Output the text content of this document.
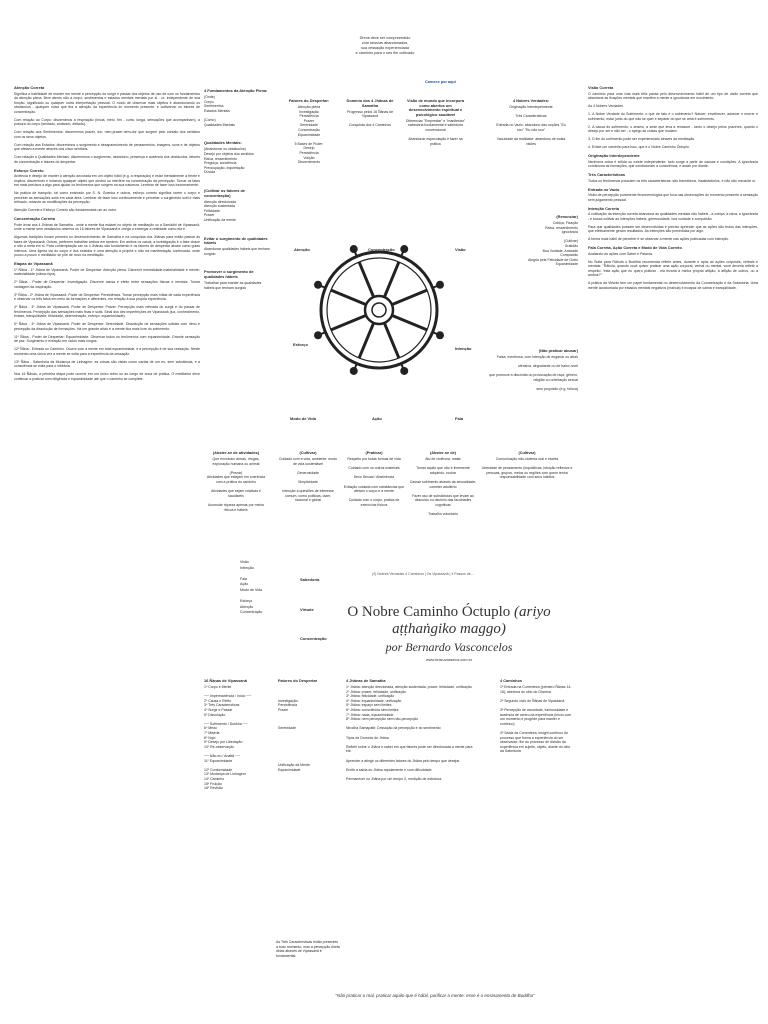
Dhms deve ser compreendido
com seus/as abandonados,
sua cessação experienciada
e caminho para o seu fim cultivado
Comece por aqui
Atenção Correta
Significa a habilidade de manter em mente a percepção do surgir e passar dos objetos de uso de com os fundamentos da atenção plena. Bem atento não a corpo, sentimentos e estados mentais mentais por si - i.e. independente de sua função, significado ou qualquer outra interpretação pessoal. O modo de observar mais objetos é abandonando os obstáculos - qualquer coisa que tira a atenção da experiência do momento presente, e cultivando os fatores de concentração.
Com relação ao Corpo: discernimos a respiração (inícia, meio, fim - curta, longa, sensações que acompanham), a postura do corpo (sentado, andando, deitado).
Com relação aos Sentimentos: discernimos prazer, dor, nem-prazer-nem-dor que surgem pelo contato dos sentidos com os seus objetos.
Com relação aos Estados: discernimos o surgimento e desaparecimento de pensamentos, imagens, sons e de objetos que afetam a mente através dos cinco sentidos.
Com relação a Qualidades Mentais: discernimos o surgimento, abandono, presença e ausência dos obstáculos, fatores de concentração e fatores do despertar.
Esforço Correto
Ardência e desejo de manter a atenção ancorada em um objeto hábil (e.g. a respiração) e estar mentalmente a frente e implica, discernindo e notando qualquer objeto que obstrui ou interfere na concentração da percepção. Tornar os fatos em mais precisos a algo para ajudar os fenômenos que surgem na sua natureza. Lembrar de fazer isso inumeramente.
Na prática de tranquilo, tal como ensinado por S. N. Goenka e outros, esforço correto significa varrer o corpo e perceber as sensações sutis em cada área. Lembrar de fazer isso continuamente e perceber o surgimento sutil e mais refinado, notando as modificações da percepção.
Atenção Correta e Esforço Correto são fundamentais um ao outro.
Concentração Correta
Pode levar aos 4 Jhānas de Samatha - onde a mente fica estável no objeto de meditação ou a Samādhi de Vipassanā, onde a mente sem obstáculos observa os 16 fatores de Vipassanā e chega a enxergar a realidade como ela é.
Algumas tradições focam primeiro no desenvolvimento de Samatha e na conquista dos Jhānas para então passar às fases de Vipassanā. Outras, preferem trabalhar ambos em tandem. Em ambos os casos, a investigação é o fator chave e não a meta em si. Para contemplação ser os 4 Jhānas são fundamento e os fatores de despertar atuam como guias internos. Uma ligeira via do corpo e dos estados é uma atenção à própria e não na manifestação continuada, onde pouco a pouco o meditador se põe de novo na meditação.
Etapas de Vipassanā
1º Ñāṇa - 1º Jhāna de Vipassanā. Poder de Despertar: Atenção plena. Discernir mentalidade-materialidade e mente-materialidade (nāma-rūpa).
2º Ñāṇa - Poder de Despertar: Investigação. Discernir causa e efeito entre sensações físicas e mentais. Tomar vantagem da inspiração.
3º Ñāṇa - 2º Jhāna de Vipassanā. Poder de Despertar: Persistência. Tomar percepção mais nítida de cada experiência e observar os três fatos em meio às formações e diferentes, em relação à sua própria experiência.
4º Ñāṇa - 3º Jhāna de Vipassanā. Poder de Despertar: Prazer. Percepção mais refinada do surgir e do passar de fenômenos. Percepção das sensações mais finas e sutis. Sinal dos dez imperfeições de Vipassanā (luz, conhecimento, êxtase, tranquilidade, felicidade, determinação, esforço, equanimidade).
5º Ñāṇa - 4º Jhāna de Vipassanā. Poder de Despertar: Serenidade. Dissolução de sensações sólidas com ritmo e percepção da dissolução de formações. Há um grande alívio e a mente fica mais livre do sofrimento.
11º Ñāṇa - Poder de Despertar: Equanimidade. Observar todos os fenômenos com equanimidade. Grande sensação de paz. Surgimento e extinção em ciclos mais longos.
12º Ñāṇa - Entrada no Caminho. Ocorre com a mente em total equanimidade, e a percepção é de sua cessação. Neste momento uma única vez a mente se volta para a experiência da cessação.
13º Ñāṇa - Sabedoria da Mudança de Linhagem: as coisas são vistas como vazias de um eu, sem substância, e a consciência se volta para o nibbāna.
Nos 16 Ñāṇas, a primeira etapa pode ocorrer em um único retiro ou ao longo de anos de prática. O meditador deve continuar a praticar com diligência e equanimidade até que o caminho se complete.
4 Fundamentos da Atenção Plena:
(Onde)
Corpo
Sentimentos
Estados Mentais

(Como)
Qualidades Mentais
Qualidades Mentais:
(Abandonar os obstáculos)
Desejo por objetos dos sentidos
Raiva, ressentimento
Preguiça, sonolência
Preocupação, inquietação
Dúvida
(Cultivar os fatores de concentração)
Atenção direcionada
Atenção sustentada
Felicidade
Prazer
Unificação da mente
Evitar o surgimento de qualidades hábeis
Abandonar qualidades hábeis que tenham surgido
Promover o surgimento de qualidades hábeis
Trabalhar para manter as qualidades hábeis que tenham surgido
Fatores do Despertar:
Atenção plena
Investigação
Persistência
Prazer
Serenidade
Concentração
Equanimidade

5 Bases de Poder:
Desejo
Persistência
Volição
Discernimento
Domínio dos 4 Jhānas de Samatha
Progresso pelos 16 Ñāṇas de Vipassanā

Conquista dos 4 Caminhos
Visão de mundo que incorpora como abertos um desenvolvimento espiritual e psicológico saudável
Diferenciar "Emprestar" e "manifestar" sabedoria fundamental e sabedoria convencional

Abandonar especulação e fazer na prática
4 Nobres Verdades:
Originação Interdependente

Três Características

Entrada no Vazio: abandono das noções "Eu sou" "Eu não sou"

Vacuidade da realidade: abandono de todas visões
Atenção	Concentração	Visão
Esforço
Intenção
Modo de Vida	Ação	Fala
(Renunciar)
Cobiça, Fixação
Raiva, ressentimento
Ignorância

(Cultivar)
Gratidão
Boa Vontade, Amizade
Compaixão
Alegria pela Felicidade de Outro
Equanimidade
(Não praticar abusar)
Falsa, mentirosa, com intenção de enganar ou atrair

ofensiva, degradante ou de baixo nível

que promove a discórdia ou provocação de raça, gênero, religião ou orientação sexual

sem propósito (e.g. fofoca)
(Abster-se de atividades)
Que envolvam armas, drogas, exploração humana ou animal

(Prezar)
Atividades que estejam em coerência com a prática do caminho

Atividades que sejam criativas e saudáveis

Acumular riqueza apenas por meios éticos e hábeis
(Cultivar)
Cuidado com a vida, ambiente, modo de vida sustentável

Generosidade

Simplicidade

Intenção à questões de interesse comum, como políticas, lazer, nacional e global
(Praticar)
Respeito por todas formas de vida

Cuidado com os outros materiais

Sexo Sexual / Abstinência

Evitação cuidada com substâncias que afetam o corpo e a mente

Cuidado com o corpo, prática de exercícios físicos
(Abster-se de)
Ato de violência, matar

Tomar aquilo que não é livremente adquirido, roubar

Causar sofrimento através da sexualidade, cometer adultério

Fazer uso de substâncias que levam ao descuido ou declínio das faculdades cognitivas

Trabalho voluntário
(Cultivar)
Comunicação não-violenta oral e escrita

Liberdade de pensamento (inquisitivas, intuição reflexiva e pessoas, grupos, meios ou regiões com quem tenha responsabilidade com seus hábitos
(4) Nobres Verdades 4 Caminhos | Os Vipassanā | 4 Passos de...
Visão
Intenção

Fala
Ação
Modo de Vida

Esforço
Atenção
Concentração
Sabedoria
Virtude
Concentração
O Nobre Caminho Óctuplo (ariyo aṭṭhaṅgiko maggo)
por Bernardo Vasconcelos
www.brasuvasselos.com.br
16 Ñāṇas de Vipassanā
1º Corpo e Mente

── Impermanência / Início ──
2º Causa e Efeito
3º Três Características
4º Surgir e Passar
5º Dissolução

── Sofrimento / Dukkha ──
6º Medo
7º Miséria
8º Nojo
9º Desejo por Libertação
10º Re-observação

── Não-eu / Anattā ──
11º Equanimidade

12º Conformidade
13º Mudança de Linhagem
14º Caminho
15º Fruição
16º Revisão
Fatores do Despertar

Investigação
Persistência
Prazer

Serenidade

Unificação da Mente
Equanimidade
4 Jhānas de Samatha
1º Jhāna: atenção direcionada, atenção sustentada, prazer, felicidade, unificação
2º Jhāna: prazer, felicidade, unificação
3º Jhāna: felicidade, unificação
4º Jhāna: equanimidade, unificação
5º Jhāna: espaço sem limites
6º Jhāna: consciência sem limites
7º Jhāna: nada, equanimidade
8º Jhāna: nem percepção nem não-percepção

Nirodha Samapatti: Cessação da percepção e do sentimento

Tipos de Domínio de Jhāna

Refletir sobre o Jhāna e saber em que fatores pode ser direcionada a mente para ele.

Aprender a atingir os diferentes fatores do Jhāna pelo tempo que desejar.

Emitir a saída do Jhāna rapidamente e com dificuldade.

Permanecer no Jhāna por um tempo X, medição de estrutura.
4 Caminhos
1ª Entrada na Correnteza (primeiro Ñāṇas 14-16), abertura do olho do Dharma

2ª Segundo ciclo de Ñāṇas de Vipassanā

3ª Percepção de vacuidade, luminosidade e ausência de centro da experiência (início com um momento e progride para manter e contínuo)

4ª Saída da Correnteza, insight contínuo do processo que forma a experiência do ser observador; fim do processo de divisão da experiência em sujeito, objeto, diante do olho da Sabedoria
As Três Características estão presentes a todo momento, mas a percepção direta delas através de Vipassanā é fundamental.
Visão Correta
O caminho para uma vida mais feliz passa pelo desenvolvimento hábil de um tipo de visão correta que abandone as fixações mentais que mantêm a mente a ignorância em movimento.
As 4 Nobres Verdades
1. A Nobre Verdade do Sofrimento: o que de fato é o sofrimento? Nascer, envelhecer, adoecer e morrer é sofrimento; estar junto do que não se quer e separar do que se ama é sofrimento.
2. A causa do sofrimento: o anseio, a sede que leva a renascer - tanto o desejo pelos prazeres, quanto o desejo por ser e não ser - o apego às coisas que mudam.
3. O fim do sofrimento pode ser experienciado através da meditação.
4. Existe um caminho para isso, que é o Nobre Caminho Óctuplo.
Originação Interdependente
Nenhuma coisa é sólida ou existe independente; tudo surge a partir de causas e condições. A ignorância condiciona as formações, que condicionam a consciência, e assim por diante.
Três Características
Todos os fenômenos possuem os três características: são transitórios, insatisfatórios, e não são meus/de si.
Entrada no Vazio
Visão de percepção puramente fenomenológica que foca nas observações do momento presente a sensação sem julgamento pessoal.
Intenção Correta
A cultivação da intenção correta abandona as qualidades mentais não hábeis - a cobiça, a raiva, a ignorância - e busca cultivar as intenções hábeis, generosidade, boa vontade e compaixão.
Para que qualidades possam ser desenvolvidas é preciso aprender que as ações são frutos das intenções, que efetivamente geram resultados. As intenções são precedidas por algo.
A forma mais hábil de perceber é se observar a mente nas ações praticadas com intenção.
Fala Correta, Ação Correta e Modo de Vida Correto
Avaliando as ações com Saber e Palavra.
No Sutta para Rāhula o Buddha recomenda refletir antes, durante e após as ações corporais, verbais e mentais: "Rāhula, quando você quiser praticar uma ação corporal, verbal ou mental, você deveria refletir a respeito: 'esta ação que eu quero praticar - ela levaria à minha própria aflição, à aflição de outros, ou a ambos?'"
A prática da Virtude tem um papel fundamental no desenvolvimento da Concentração e da Sabedoria. Uma mente acostumada por estados mentais negativos (malícia) é incapaz de calma e tranquilidade.
"Não praticar o mal, praticar aquilo que é hábil, purificar a mente: esse é o ensinamento de Buddha"
